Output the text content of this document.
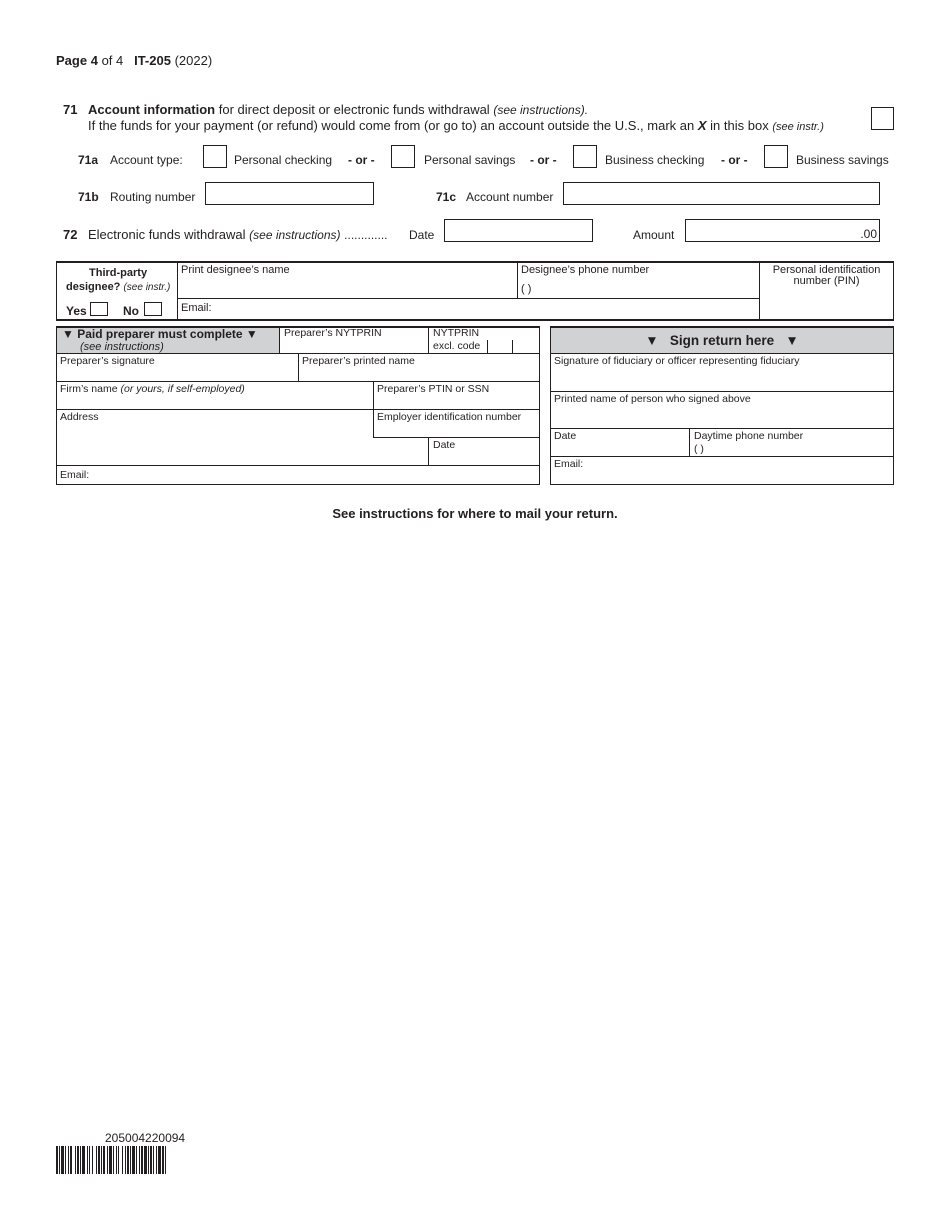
Page 4 of 4 IT-205 (2022)
71 Account information for direct deposit or electronic funds withdrawal (see instructions).
If the funds for your payment (or refund) would come from (or go to) an account outside the U.S., mark an X in this box (see instr.)
71a Account type:	Personal checking - or -	Personal savings - or -	Business checking - or -	Business savings
71b Routing number	71c Account number
72 Electronic funds withdrawal (see instructions) ............. Date	Amount	.00
Third-party
designee? (see instr.)
Yes	No
Print designee’s name	Designee’s phone number
( )
Personal identification
number (PIN)
Email:
▼ Paid preparer must complete ▼
(see instructions)
Preparer’s NYTPRIN	NYTPRIN
excl. code
Preparer’s signature	Preparer’s printed name
Firm’s name (or yours, if self-employed)	Preparer’s PTIN or SSN
Address	Employer identification number
Date
Email:
▼   Sign return here   ▼
Signature of fiduciary or officer representing fiduciary
Printed name of person who signed above
Date	Daytime phone number
( )
Email:
See instructions for where to mail your return.
205004220094
